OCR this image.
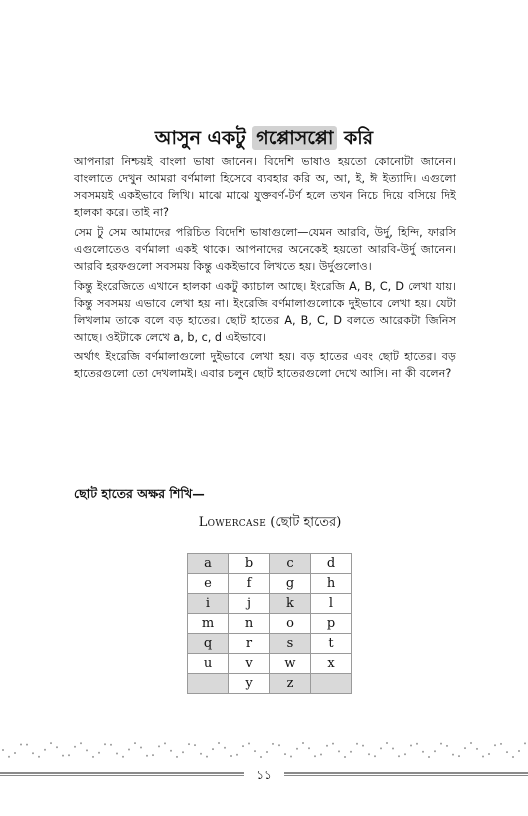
আসুন একটু গপ্পোসপ্পো করি

আপনারা নিশ্চয়ই বাংলা ভাষা জানেন। বিদেশি ভাষাও হয়তো কোনোটা জানেন। বাংলাতে দেখুন আমরা বর্ণমালা হিসেবে ব্যবহার করি অ, আ, ই, ঈ ইত্যাদি। এগুলো সবসময়ই একইভাবে লিখি। মাঝে মাঝে যুক্তবর্ণ-টর্ণ হলে তখন নিচে দিয়ে বসিয়ে দিই হালকা করে। তাই না?

সেম টু সেম আমাদের পরিচিত বিদেশি ভাষাগুলো—যেমন আরবি, উর্দু, হিন্দি, ফারসি এগুলোতেও বর্ণমালা একই থাকে। আপনাদের অনেকেই হয়তো আরবি-উর্দু জানেন। আরবি হরফগুলো সবসময় কিন্তু একইভাবে লিখতে হয়। উর্দুগুলোও।

কিন্তু ইংরেজিতে এখানে হালকা একটু ক্যাচাল আছে। ইংরেজি A, B, C, D লেখা যায়। কিন্তু সবসময় এভাবে লেখা হয় না। ইংরেজি বর্ণমালাগুলোকে দুইভাবে লেখা হয়। যেটা লিখলাম তাকে বলে বড় হাতের। ছোট হাতের A, B, C, D বলতে আরেকটা জিনিস আছে। ওইটাকে লেখে a, b, c, d এইভাবে।

অর্থাৎ ইংরেজি বর্ণমালাগুলো দুইভাবে লেখা হয়। বড় হাতের এবং ছোট হাতের। বড় হাতেরগুলো তো দেখলামই। এবার চলুন ছোট হাতেরগুলো দেখে আসি। না কী বলেন?

ছোট হাতের অক্ষর শিখি—

Lowercase (ছোট হাতের)

a	b	c	d
e	f	g	h
i	j	k	l
m	n	o	p
q	r	s	t
u	v	w	x
	y	z	
১১
